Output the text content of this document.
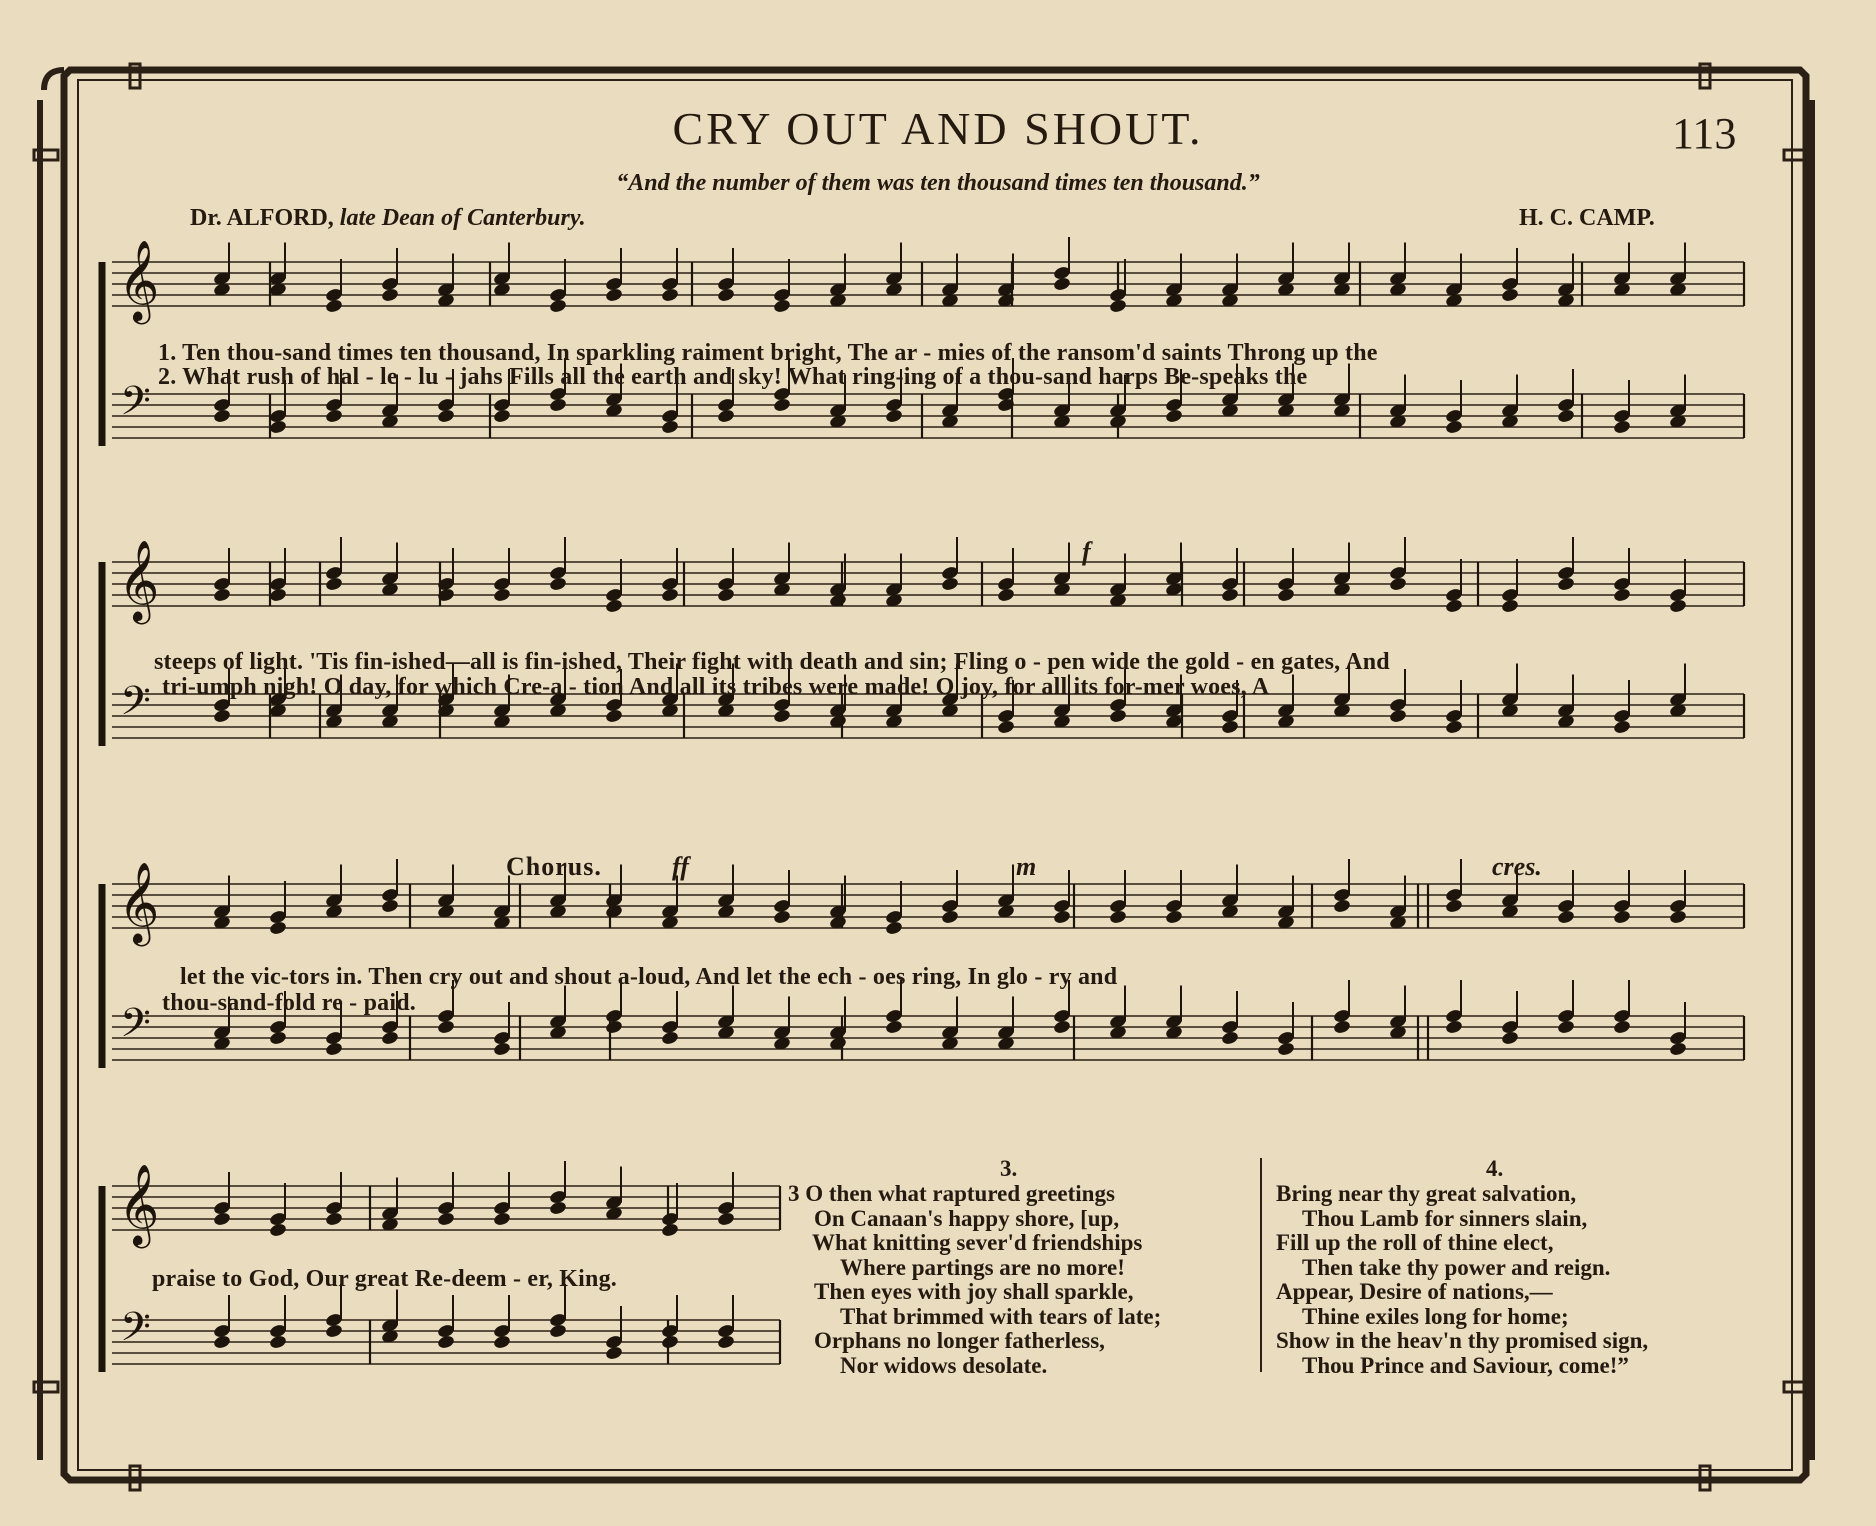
CRY OUT AND SHOUT.	113
“And the number of them was ten thousand times ten thousand.”
Dr. ALFORD, late Dean of Canterbury.	H. C. CAMP.
𝄞
𝄢
𝄞
𝄢
𝄞
𝄢
𝄞
𝄢
1. Ten thou-sand times ten thousand, In sparkling raiment bright, The ar - mies of the ransom'd saints Throng up the
2. What rush of hal - le - lu - jahs Fills all the earth and sky! What ring-ing of a thou-sand harps Be-speaks the
f
steeps of light. 'Tis fin-ished—all is fin-ished, Their fight with death and sin; Fling o - pen wide the gold - en gates, And
tri-umph nigh! O day, for which Cre-a - tion And all its tribes were made! O joy, for all its for-mer woes, A
Chorus.	ff	m	cres.
let the vic-tors in. Then cry out and shout a-loud, And let the ech - oes ring, In glo - ry and
thou-sand-fold re - paid.
praise to God, Our great Re-deem - er, King.
3.
3 O then what raptured greetings
On Canaan's happy shore, [up,
What knitting sever'd friendships
Where partings are no more!
Then eyes with joy shall sparkle,
That brimmed with tears of late;
Orphans no longer fatherless,
Nor widows desolate.
4.
Bring near thy great salvation,
Thou Lamb for sinners slain,
Fill up the roll of thine elect,
Then take thy power and reign.
Appear, Desire of nations,—
Thine exiles long for home;
Show in the heav'n thy promised sign,
Thou Prince and Saviour, come!”
